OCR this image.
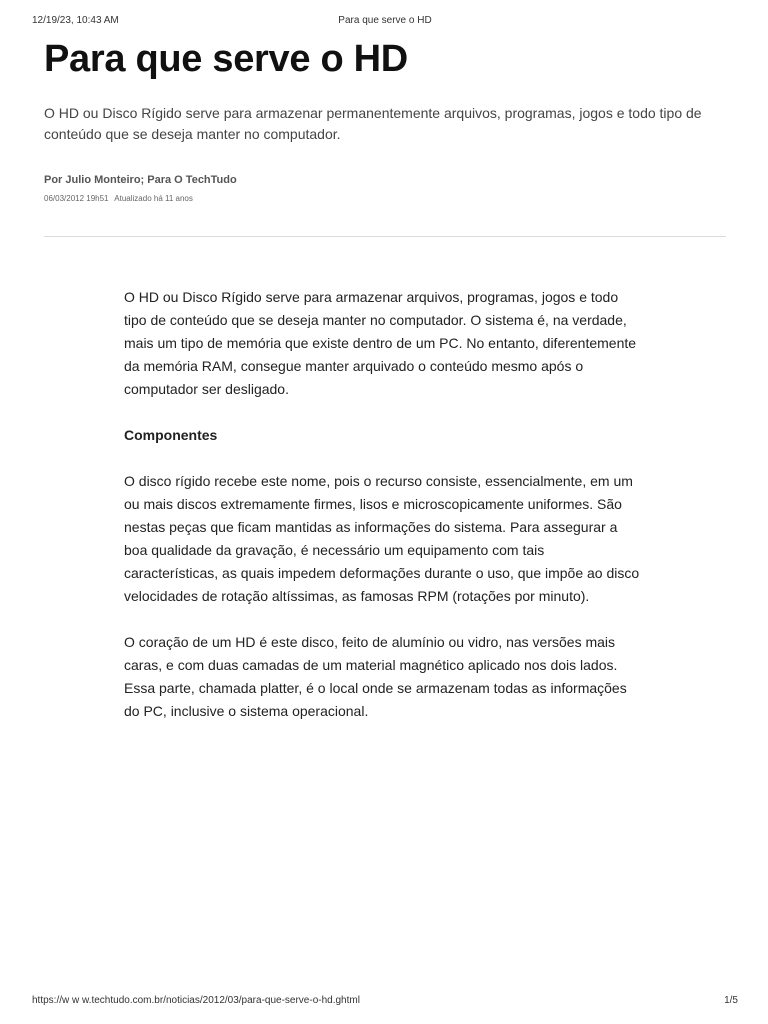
12/19/23, 10:43 AM	Para que serve o HD
Para que serve o HD

O HD ou Disco Rígido serve para armazenar permanentemente arquivos, programas, jogos e todo tipo de conteúdo que se deseja manter no computador.

Por Julio Monteiro; Para O TechTudo
06/03/2012 19h51 Atualizado há 11 anos

O HD ou Disco Rígido serve para armazenar arquivos, programas, jogos e todo tipo de conteúdo que se deseja manter no computador. O sistema é, na verdade, mais um tipo de memória que existe dentro de um PC. No entanto, diferentemente da memória RAM, consegue manter arquivado o conteúdo mesmo após o computador ser desligado.

Componentes

O disco rígido recebe este nome, pois o recurso consiste, essencialmente, em um ou mais discos extremamente firmes, lisos e microscopicamente uniformes. São nestas peças que ficam mantidas as informações do sistema. Para assegurar a boa qualidade da gravação, é necessário um equipamento com tais características, as quais impedem deformações durante o uso, que impõe ao disco velocidades de rotação altíssimas, as famosas RPM (rotações por minuto).

O coração de um HD é este disco, feito de alumínio ou vidro, nas versões mais caras, e com duas camadas de um material magnético aplicado nos dois lados. Essa parte, chamada platter, é o local onde se armazenam todas as informações do PC, inclusive o sistema operacional.

https://w w w.techtudo.com.br/noticias/2012/03/para-que-serve-o-hd.ghtml	1/5
